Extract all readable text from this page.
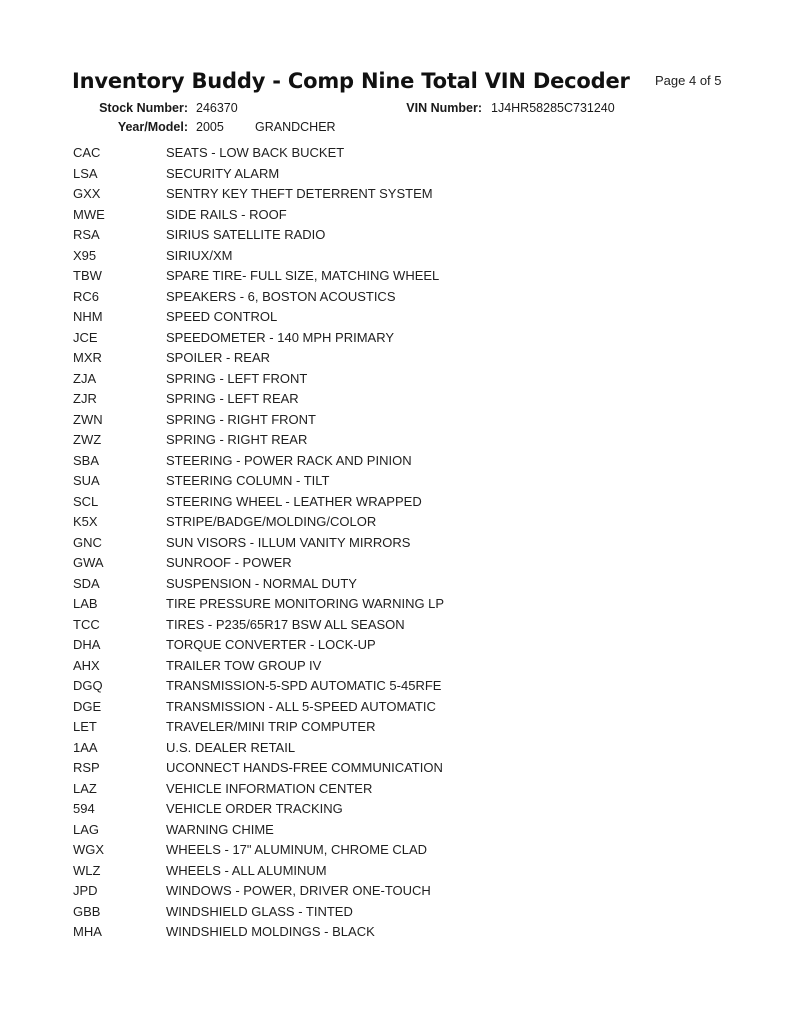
Inventory Buddy - Comp Nine Total VIN Decoder Page 4 of 5
Stock Number: 246370	VIN Number: 1J4HR58285C731240
Year/Model: 2005 GRANDCHER
CAC	SEATS - LOW BACK BUCKET
LSA	SECURITY ALARM
GXX	SENTRY KEY THEFT DETERRENT SYSTEM
MWE	SIDE RAILS - ROOF
RSA	SIRIUS SATELLITE RADIO
X95	SIRIUX/XM
TBW	SPARE TIRE- FULL SIZE, MATCHING WHEEL
RC6	SPEAKERS - 6, BOSTON ACOUSTICS
NHM	SPEED CONTROL
JCE	SPEEDOMETER - 140 MPH PRIMARY
MXR	SPOILER - REAR
ZJA	SPRING - LEFT FRONT
ZJR	SPRING - LEFT REAR
ZWN	SPRING - RIGHT FRONT
ZWZ	SPRING - RIGHT REAR
SBA	STEERING - POWER RACK AND PINION
SUA	STEERING COLUMN - TILT
SCL	STEERING WHEEL - LEATHER WRAPPED
K5X	STRIPE/BADGE/MOLDING/COLOR
GNC	SUN VISORS - ILLUM VANITY MIRRORS
GWA	SUNROOF - POWER
SDA	SUSPENSION - NORMAL DUTY
LAB	TIRE PRESSURE MONITORING WARNING LP
TCC	TIRES - P235/65R17 BSW ALL SEASON
DHA	TORQUE CONVERTER - LOCK-UP
AHX	TRAILER TOW GROUP IV
DGQ	TRANSMISSION-5-SPD AUTOMATIC 5-45RFE
DGE	TRANSMISSION - ALL 5-SPEED AUTOMATIC
LET	TRAVELER/MINI TRIP COMPUTER
1AA	U.S. DEALER RETAIL
RSP	UCONNECT HANDS-FREE COMMUNICATION
LAZ	VEHICLE INFORMATION CENTER
594	VEHICLE ORDER TRACKING
LAG	WARNING CHIME
WGX	WHEELS - 17" ALUMINUM, CHROME CLAD
WLZ	WHEELS - ALL ALUMINUM
JPD	WINDOWS - POWER, DRIVER ONE-TOUCH
GBB	WINDSHIELD GLASS - TINTED
MHA	WINDSHIELD MOLDINGS - BLACK
